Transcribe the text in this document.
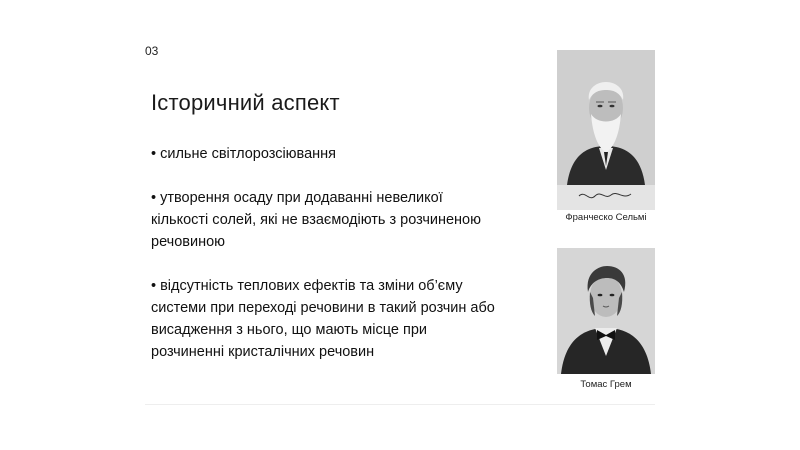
03
Історичний аспект
• сильне світлорозсіювання
• утворення осаду при додаванні невеликої
кількості солей, які не взаємодіють з розчиненою
речовиною
• відсутність теплових ефектів та зміни об’єму
системи при переході речовини в такий розчин або
висадження з нього, що мають місце при
розчиненні кристалічних речовин
Франческо Сельмі
Томас Грем
